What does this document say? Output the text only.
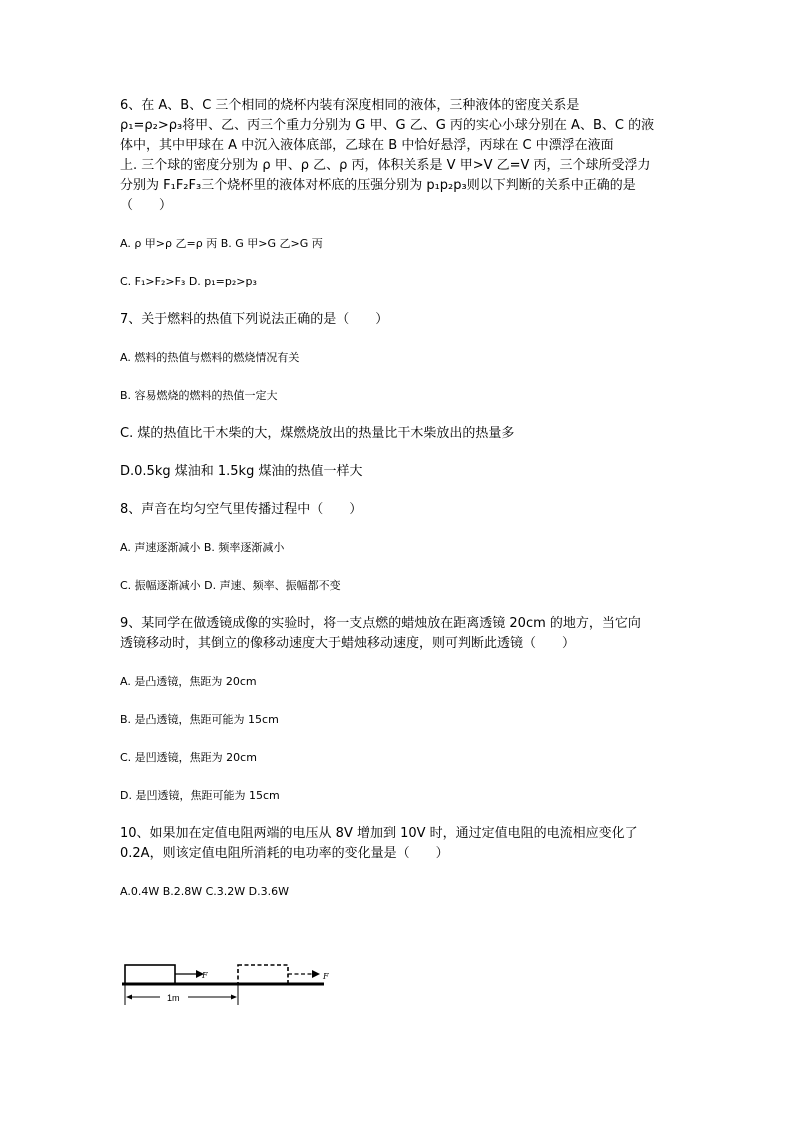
6、在 A、B、C 三个相同的烧杯内装有深度相同的液体，三种液体的密度关系是
ρ₁=ρ₂>ρ₃将甲、乙、丙三个重力分别为 G 甲、G 乙、G 丙的实心小球分别在 A、B、C 的液
体中，其中甲球在 A 中沉入液体底部，乙球在 B 中恰好悬浮，丙球在 C 中漂浮在液面
上. 三个球的密度分别为 ρ 甲、ρ 乙、ρ 丙，体积关系是 V 甲>V 乙=V 丙，三个球所受浮力
分别为 F₁F₂F₃三个烧杯里的液体对杯底的压强分别为 p₁p₂p₃则以下判断的关系中正确的是
（　　）
A. ρ 甲>ρ 乙=ρ 丙 B. G 甲>G 乙>G 丙
C. F₁>F₂>F₃ D. p₁=p₂>p₃
7、关于燃料的热值下列说法正确的是（　　）
A. 燃料的热值与燃料的燃烧情况有关
B. 容易燃烧的燃料的热值一定大
C. 煤的热值比干木柴的大，煤燃烧放出的热量比干木柴放出的热量多
D.0.5kg 煤油和 1.5kg 煤油的热值一样大
8、声音在均匀空气里传播过程中（　　）
A. 声速逐渐减小 B. 频率逐渐减小
C. 振幅逐渐减小 D. 声速、频率、振幅都不变
9、某同学在做透镜成像的实验时，将一支点燃的蜡烛放在距离透镜 20cm 的地方，当它向
透镜移动时，其倒立的像移动速度大于蜡烛移动速度，则可判断此透镜（　　）
A. 是凸透镜，焦距为 20cm
B. 是凸透镜，焦距可能为 15cm
C. 是凹透镜，焦距为 20cm
D. 是凹透镜，焦距可能为 15cm
10、如果加在定值电阻两端的电压从 8V 增加到 10V 时，通过定值电阻的电流相应变化了
0.2A，则该定值电阻所消耗的电功率的变化量是（　　）
A.0.4W B.2.8W C.3.2W D.3.6W
F	F
1m
